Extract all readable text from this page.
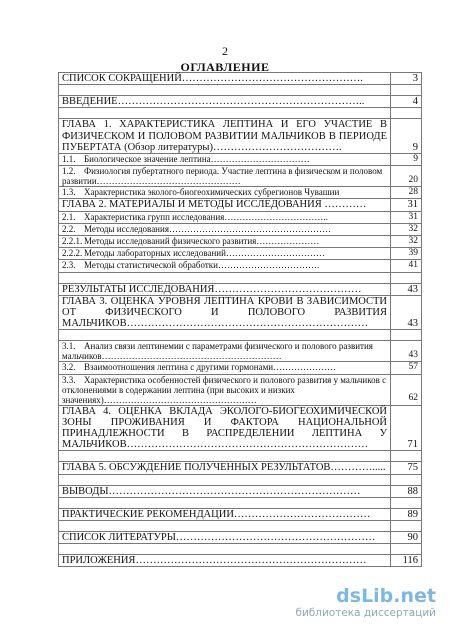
2
ОГЛАВЛЕНИЕ
СПИСОК СОКРАЩЕНИЙ…………………………………………….	3

ВВЕДЕНИЕ……………………………………………………………..	4

ГЛАВА 1. ХАРАКТЕРИСТИКА ЛЕПТИНА И ЕГО УЧАСТИЕ В ФИЗИЧЕСКОМ И ПОЛОВОМ РАЗВИТИИ МАЛЬЧИКОВ В ПЕРИОДЕ ПУБЕРТАТА (Обзор литературы)……………………………….	9
1.1. Биологическое значение лептина……………………………	9
1.2. Физиология пубертатного периода. Участие лептина в физическом и половом развитии…………………………………………	20
1.3. Характеристика эколого-биогеохимических субрегионов Чувашии	28
ГЛАВА 2. МАТЕРИАЛЫ И МЕТОДЫ ИССЛЕДОВАНИЯ …………	31
2.1. Характеристика групп исследования……………………………..	31
2.2. Методы исследования………………………………………………	32
2.2.1. Методы исследований физического развития…………………	32
2.2.2. Методы лабораторных исследований……………………………	39
2.3. Методы статистической обработки…………………………….	41

РЕЗУЛЬТАТЫ ИССЛЕДОВАНИЯ……………………………………	43
ГЛАВА 3. ОЦЕНКА УРОВНЯ ЛЕПТИНА КРОВИ В ЗАВИСИМОСТИ ОТ ФИЗИЧЕСКОГО И ПОЛОВОГО РАЗВИТИЯ МАЛЬЧИКОВ……………………………………………………………	43

3.1. Анализ связи лептинемии с параметрами физического и полового развития мальчиков……………………………………………………	43
3.2. Взаимоотношения лептина с другими гормонами…………………	57
3.3. Характеристика особенностей физического и полового развития у мальчиков с отклонениями в содержании лептина (при высоких и низких значениях)……………………………………………	62
ГЛАВА 4. ОЦЕНКА ВКЛАДА ЭКОЛОГО-БИОГЕОХИМИЧЕСКОЙ ЗОНЫ ПРОЖИВАНИЯ И ФАКТОРА НАЦИОНАЛЬНОЙ ПРИНАДЛЕЖНОСТИ В РАСПРЕДЕЛЕНИИ ЛЕПТИНА У МАЛЬЧИКОВ……………………………………………………………	71

ГЛАВА 5. ОБСУЖДЕНИЕ ПОЛУЧЕННЫХ РЕЗУЛЬТАТОВ………….....	75

ВЫВОДЫ………………………………………………………………	88

ПРАКТИЧЕСКИЕ РЕКОМЕНДАЦИИ…………………………………	89

СПИСОК ЛИТЕРАТУРЫ…………………………………………………	90

ПРИЛОЖЕНИЯ…………………………………………………………	116
dsLib.net
библиотека диссертаций
